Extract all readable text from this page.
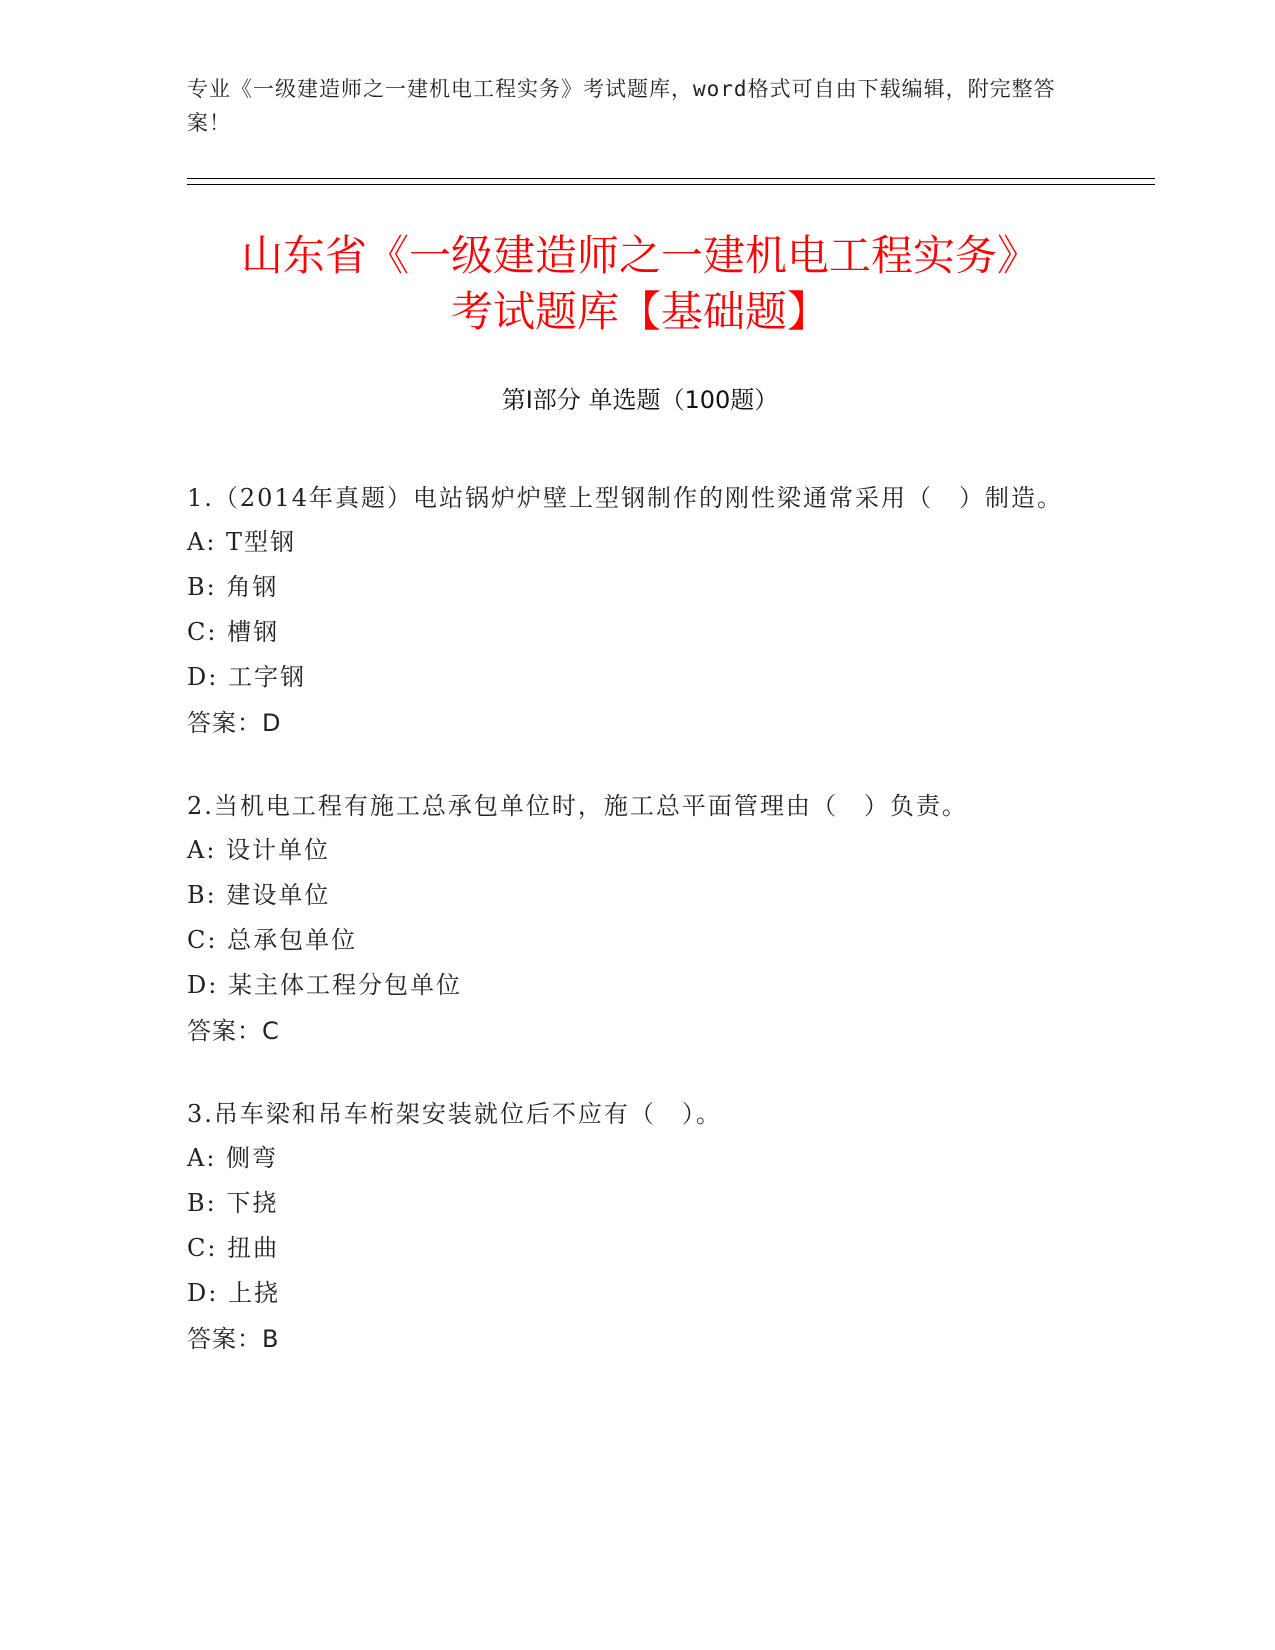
专业《一级建造师之一建机电工程实务》考试题库，word格式可自由下载编辑，附完整答案！
山东省《一级建造师之一建机电工程实务》
考试题库【基础题】
第Ⅰ部分 单选题（100题）

1.（2014年真题）电站锅炉炉壁上型钢制作的刚性梁通常采用（　）制造。

A: T型钢

B: 角钢

C: 槽钢

D: 工字钢

答案：D

2.当机电工程有施工总承包单位时，施工总平面管理由（　）负责。

A: 设计单位

B: 建设单位

C: 总承包单位

D: 某主体工程分包单位

答案：C

3.吊车梁和吊车桁架安装就位后不应有（　）。

A: 侧弯

B: 下挠

C: 扭曲

D: 上挠

答案：B
